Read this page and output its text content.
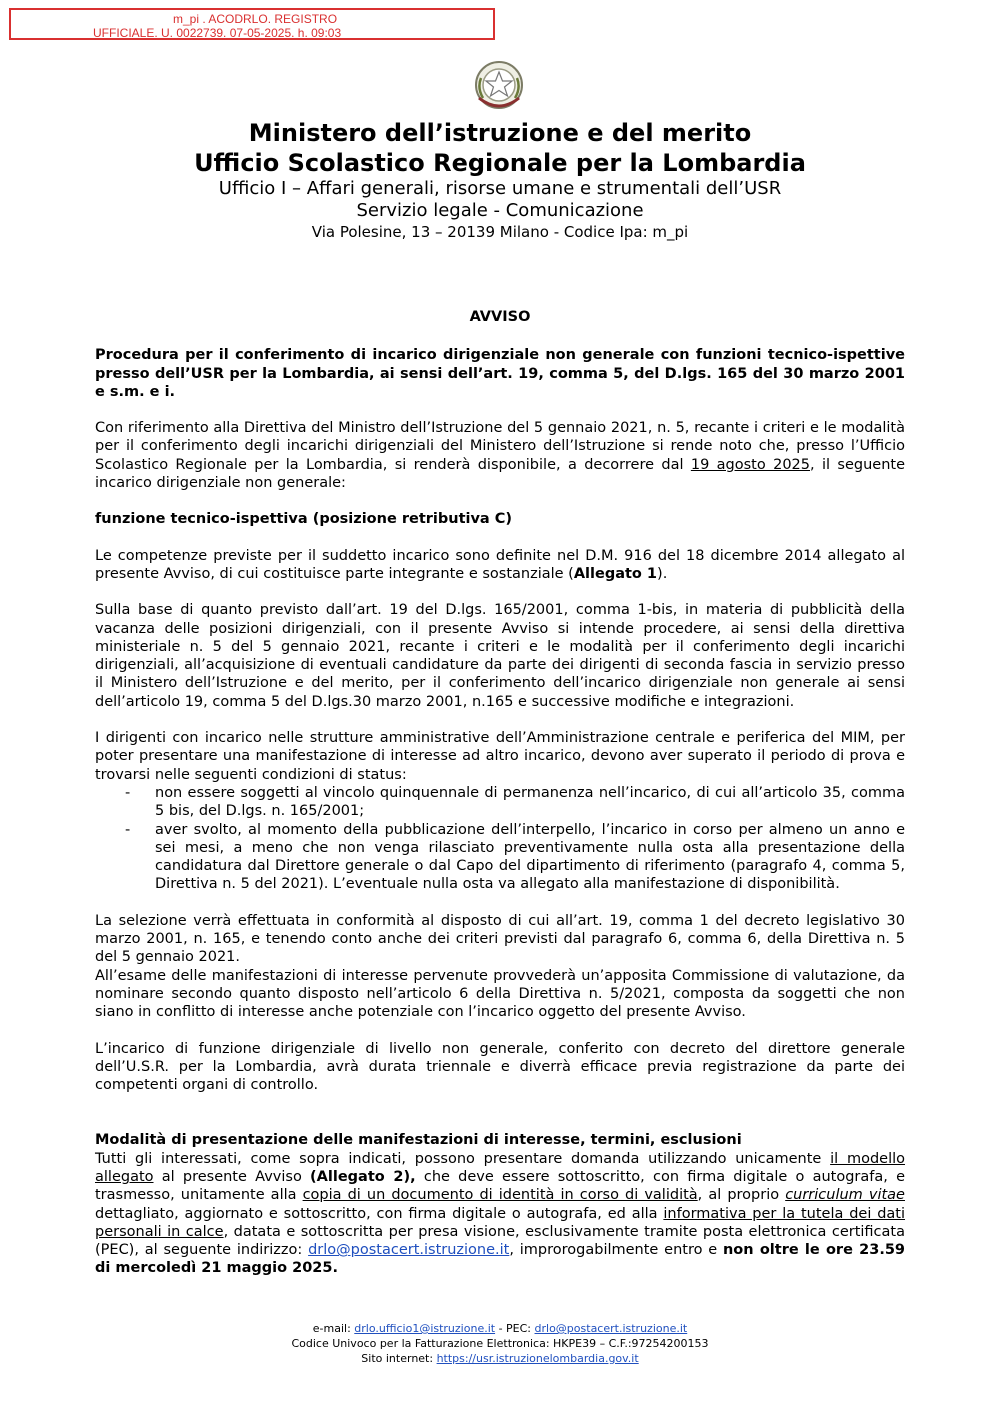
m_pi . ACODRLO. REGISTRO
UFFICIALE. U. 0022739. 07-05-2025. h. 09:03
Ministero dell’istruzione e del merito
Ufficio Scolastico Regionale per la Lombardia
Ufficio I – Affari generali, risorse umane e strumentali dell’USR
Servizio legale - Comunicazione
Via Polesine, 13 – 20139 Milano - Codice Ipa: m_pi

AVVISO

Procedura per il conferimento di incarico dirigenziale non generale con funzioni tecnico-ispettive presso dell’USR per la Lombardia, ai sensi dell’art. 19, comma 5, del D.lgs. 165 del 30 marzo 2001 e s.m. e i.

Con riferimento alla Direttiva del Ministro dell’Istruzione del 5 gennaio 2021, n. 5, recante i criteri e le modalità per il conferimento degli incarichi dirigenziali del Ministero dell’Istruzione si rende noto che, presso l’Ufficio Scolastico Regionale per la Lombardia, si renderà disponibile, a decorrere dal 19 agosto 2025, il seguente incarico dirigenziale non generale:

funzione tecnico-ispettiva (posizione retributiva C)

Le competenze previste per il suddetto incarico sono definite nel D.M. 916 del 18 dicembre 2014 allegato al presente Avviso, di cui costituisce parte integrante e sostanziale (Allegato 1).

Sulla base di quanto previsto dall’art. 19 del D.lgs. 165/2001, comma 1-bis, in materia di pubblicità della vacanza delle posizioni dirigenziali, con il presente Avviso si intende procedere, ai sensi della direttiva ministeriale n. 5 del 5 gennaio 2021, recante i criteri e le modalità per il conferimento degli incarichi dirigenziali, all’acquisizione di eventuali candidature da parte dei dirigenti di seconda fascia in servizio presso il Ministero dell’Istruzione e del merito, per il conferimento dell’incarico dirigenziale non generale ai sensi dell’articolo 19, comma 5 del D.lgs.30 marzo 2001, n.165 e successive modifiche e integrazioni.

I dirigenti con incarico nelle strutture amministrative dell’Amministrazione centrale e periferica del MIM, per poter presentare una manifestazione di interesse ad altro incarico, devono aver superato il periodo di prova e trovarsi nelle seguenti condizioni di status:

- non essere soggetti al vincolo quinquennale di permanenza nell’incarico, di cui all’articolo 35, comma 5 bis, del D.lgs. n. 165/2001;
- aver svolto, al momento della pubblicazione dell’interpello, l’incarico in corso per almeno un anno e sei mesi, a meno che non venga rilasciato preventivamente nulla osta alla presentazione della candidatura dal Direttore generale o dal Capo del dipartimento di riferimento (paragrafo 4, comma 5, Direttiva n. 5 del 2021). L’eventuale nulla osta va allegato alla manifestazione di disponibilità.

La selezione verrà effettuata in conformità al disposto di cui all’art. 19, comma 1 del decreto legislativo 30 marzo 2001, n. 165, e tenendo conto anche dei criteri previsti dal paragrafo 6, comma 6, della Direttiva n. 5 del 5 gennaio 2021.

All’esame delle manifestazioni di interesse pervenute provvederà un’apposita Commissione di valutazione, da nominare secondo quanto disposto nell’articolo 6 della Direttiva n. 5/2021, composta da soggetti che non siano in conflitto di interesse anche potenziale con l’incarico oggetto del presente Avviso.

L’incarico di funzione dirigenziale di livello non generale, conferito con decreto del direttore generale dell’U.S.R. per la Lombardia, avrà durata triennale e diverrà efficace previa registrazione da parte dei competenti organi di controllo.

Modalità di presentazione delle manifestazioni di interesse, termini, esclusioni

Tutti gli interessati, come sopra indicati, possono presentare domanda utilizzando unicamente il modello allegato al presente Avviso (Allegato 2), che deve essere sottoscritto, con firma digitale o autografa, e trasmesso, unitamente alla copia di un documento di identità in corso di validità, al proprio curriculum vitae dettagliato, aggiornato e sottoscritto, con firma digitale o autografa, ed alla informativa per la tutela dei dati personali in calce, datata e sottoscritta per presa visione, esclusivamente tramite posta elettronica certificata (PEC), al seguente indirizzo: drlo@postacert.istruzione.it, improrogabilmente entro e non oltre le ore 23.59 di mercoledì 21 maggio 2025.

e-mail: drlo.ufficio1@istruzione.it - PEC: drlo@postacert.istruzione.it
Codice Univoco per la Fatturazione Elettronica: HKPE39 – C.F.:97254200153
Sito internet: https://usr.istruzionelombardia.gov.it
